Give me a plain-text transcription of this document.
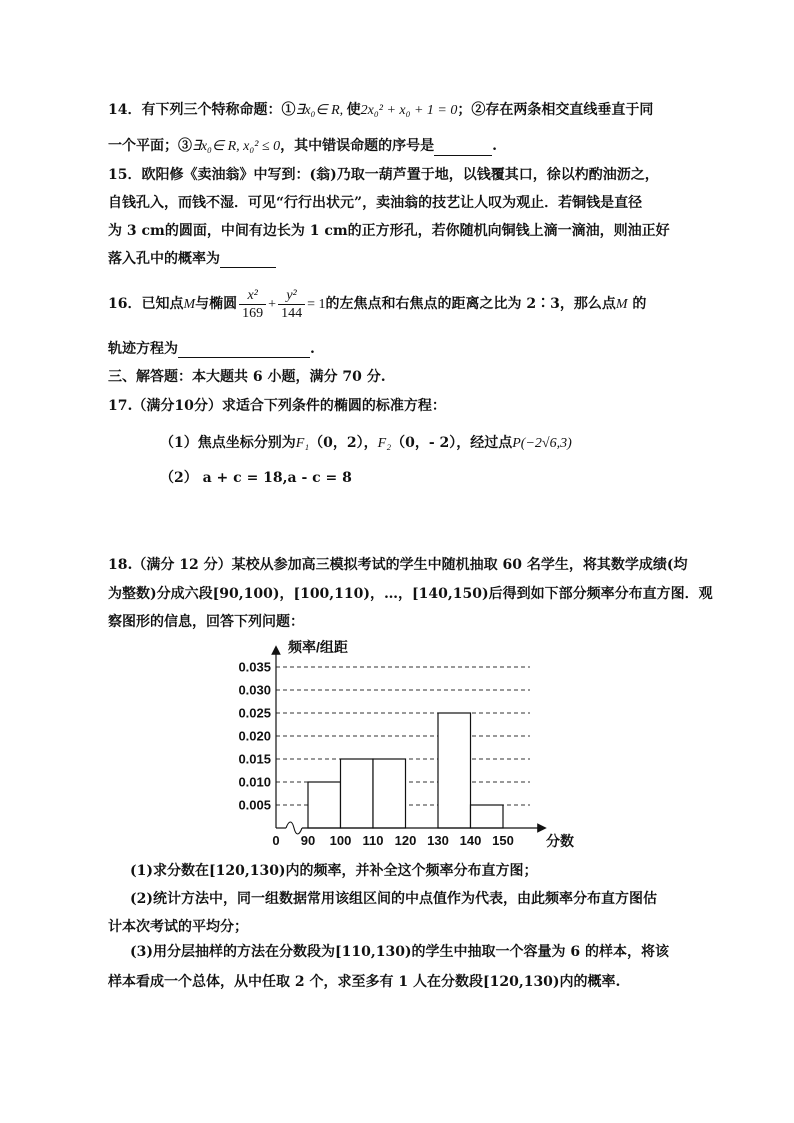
14．有下列三个特称命题：①∃x₀∈ R, 使2x₀² + x₀ + 1 = 0；②存在两条相交直线垂直于同
一个平面；③∃x₀∈ R, x₀² ≤ 0，其中错误命题的序号是	.
15．欧阳修《卖油翁》中写到：(翁)乃取一葫芦置于地，以钱覆其口，徐以杓酌油沥之，
自钱孔入，而钱不湿．可见“行行出状元”，卖油翁的技艺让人叹为观止．若铜钱是直径
为 3 cm的圆面，中间有边长为 1 cm的正方形孔，若你随机向铜钱上滴一滴油，则油正好
落入孔中的概率为
16．已知点M与椭圆 $\frac{\text{x²}}{169} + \frac{\text{y²}}{144} = 1$的左焦点和右焦点的距离之比为 2∶3，那么点M 的
轨迹方程为	.
三、解答题：本大题共 6 小题，满分 70 分.
17.（满分10分）求适合下列条件的椭圆的标准方程：
（1）焦点坐标分别为F₁（0，2），F₂（0，- 2），经过点P(−2√6,3)
（2） a + c = 18,a - c = 8
18.（满分 12 分）某校从参加高三模拟考试的学生中随机抽取 60 名学生，将其数学成绩(均
为整数)分成六段[90,100)，[100,110)，…，[140,150)后得到如下部分频率分布直方图．观
察图形的信息，回答下列问题：
0.005
0.010
0.015
0.020
0.025
0.030
0.035
90 100 110 120 130 140 150
0
频率/组距
分数
(1)求分数在[120,130)内的频率，并补全这个频率分布直方图；
(2)统计方法中，同一组数据常用该组区间的中点值作为代表，由此频率分布直方图估
计本次考试的平均分；
(3)用分层抽样的方法在分数段为[110,130)的学生中抽取一个容量为 6 的样本，将该
样本看成一个总体，从中任取 2 个，求至多有 1 人在分数段[120,130)内的概率.
